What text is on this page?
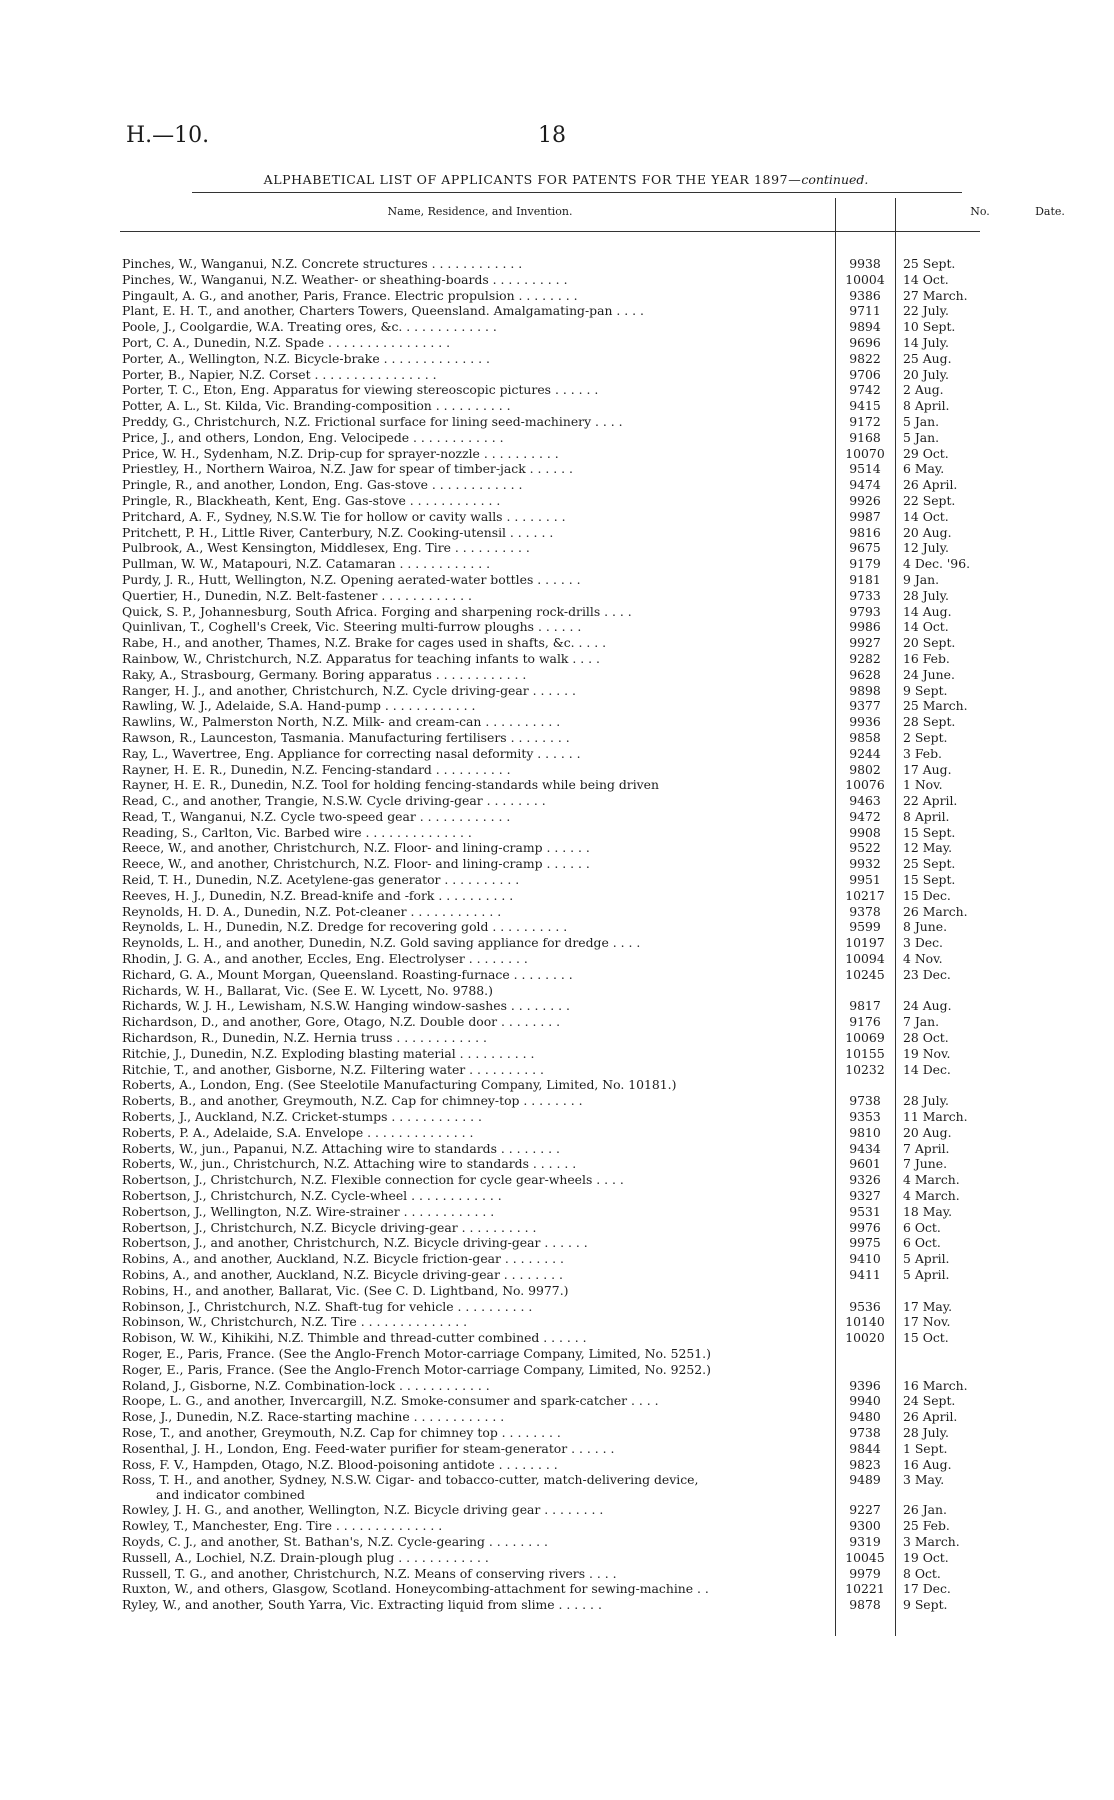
H.—10.	18
ALPHABETICAL LIST OF APPLICANTS FOR PATENTS FOR THE YEAR 1897—continued.
Name, Residence, and Invention.	No.	Date.
Pinches, W., Wanganui, N.Z. Concrete structures . . . . . . . . . . . .	9938	25 Sept.
Pinches, W., Wanganui, N.Z. Weather- or sheathing-boards . . . . . . . . . .	10004	14 Oct.
Pingault, A. G., and another, Paris, France. Electric propulsion . . . . . . . .	9386	27 March.
Plant, E. H. T., and another, Charters Towers, Queensland. Amalgamating-pan . . . .	9711	22 July.
Poole, J., Coolgardie, W.A. Treating ores, &c. . . . . . . . . . . . .	9894	10 Sept.
Port, C. A., Dunedin, N.Z. Spade . . . . . . . . . . . . . . . .	9696	14 July.
Porter, A., Wellington, N.Z. Bicycle-brake . . . . . . . . . . . . . .	9822	25 Aug.
Porter, B., Napier, N.Z. Corset . . . . . . . . . . . . . . . .	9706	20 July.
Porter, T. C., Eton, Eng. Apparatus for viewing stereoscopic pictures . . . . . .	9742	2 Aug.
Potter, A. L., St. Kilda, Vic. Branding-composition . . . . . . . . . .	9415	8 April.
Preddy, G., Christchurch, N.Z. Frictional surface for lining seed-machinery . . . .	9172	5 Jan.
Price, J., and others, London, Eng. Velocipede . . . . . . . . . . . .	9168	5 Jan.
Price, W. H., Sydenham, N.Z. Drip-cup for sprayer-nozzle . . . . . . . . . .	10070	29 Oct.
Priestley, H., Northern Wairoa, N.Z. Jaw for spear of timber-jack . . . . . .	9514	6 May.
Pringle, R., and another, London, Eng. Gas-stove . . . . . . . . . . . .	9474	26 April.
Pringle, R., Blackheath, Kent, Eng. Gas-stove . . . . . . . . . . . .	9926	22 Sept.
Pritchard, A. F., Sydney, N.S.W. Tie for hollow or cavity walls . . . . . . . .	9987	14 Oct.
Pritchett, P. H., Little River, Canterbury, N.Z. Cooking-utensil . . . . . .	9816	20 Aug.
Pulbrook, A., West Kensington, Middlesex, Eng. Tire . . . . . . . . . .	9675	12 July.
Pullman, W. W., Matapouri, N.Z. Catamaran . . . . . . . . . . . .	9179	4 Dec. '96.
Purdy, J. R., Hutt, Wellington, N.Z. Opening aerated-water bottles . . . . . .	9181	9 Jan.
Quertier, H., Dunedin, N.Z. Belt-fastener . . . . . . . . . . . .	9733	28 July.
Quick, S. P., Johannesburg, South Africa. Forging and sharpening rock-drills . . . .	9793	14 Aug.
Quinlivan, T., Coghell's Creek, Vic. Steering multi-furrow ploughs . . . . . .	9986	14 Oct.
Rabe, H., and another, Thames, N.Z. Brake for cages used in shafts, &c. . . . .	9927	20 Sept.
Rainbow, W., Christchurch, N.Z. Apparatus for teaching infants to walk . . . .	9282	16 Feb.
Raky, A., Strasbourg, Germany. Boring apparatus . . . . . . . . . . . .	9628	24 June.
Ranger, H. J., and another, Christchurch, N.Z. Cycle driving-gear . . . . . .	9898	9 Sept.
Rawling, W. J., Adelaide, S.A. Hand-pump . . . . . . . . . . . .	9377	25 March.
Rawlins, W., Palmerston North, N.Z. Milk- and cream-can . . . . . . . . . .	9936	28 Sept.
Rawson, R., Launceston, Tasmania. Manufacturing fertilisers . . . . . . . .	9858	2 Sept.
Ray, L., Wavertree, Eng. Appliance for correcting nasal deformity . . . . . .	9244	3 Feb.
Rayner, H. E. R., Dunedin, N.Z. Fencing-standard . . . . . . . . . .	9802	17 Aug.
Rayner, H. E. R., Dunedin, N.Z. Tool for holding fencing-standards while being driven	10076	1 Nov.
Read, C., and another, Trangie, N.S.W. Cycle driving-gear . . . . . . . .	9463	22 April.
Read, T., Wanganui, N.Z. Cycle two-speed gear . . . . . . . . . . . .	9472	8 April.
Reading, S., Carlton, Vic. Barbed wire . . . . . . . . . . . . . .	9908	15 Sept.
Reece, W., and another, Christchurch, N.Z. Floor- and lining-cramp . . . . . .	9522	12 May.
Reece, W., and another, Christchurch, N.Z. Floor- and lining-cramp . . . . . .	9932	25 Sept.
Reid, T. H., Dunedin, N.Z. Acetylene-gas generator . . . . . . . . . .	9951	15 Sept.
Reeves, H. J., Dunedin, N.Z. Bread-knife and -fork . . . . . . . . . .	10217	15 Dec.
Reynolds, H. D. A., Dunedin, N.Z. Pot-cleaner . . . . . . . . . . . .	9378	26 March.
Reynolds, L. H., Dunedin, N.Z. Dredge for recovering gold . . . . . . . . . .	9599	8 June.
Reynolds, L. H., and another, Dunedin, N.Z. Gold saving appliance for dredge . . . .	10197	3 Dec.
Rhodin, J. G. A., and another, Eccles, Eng. Electrolyser . . . . . . . .	10094	4 Nov.
Richard, G. A., Mount Morgan, Queensland. Roasting-furnace . . . . . . . .	10245	23 Dec.
Richards, W. H., Ballarat, Vic. (See E. W. Lycett, No. 9788.)
Richards, W. J. H., Lewisham, N.S.W. Hanging window-sashes . . . . . . . .	9817	24 Aug.
Richardson, D., and another, Gore, Otago, N.Z. Double door . . . . . . . .	9176	7 Jan.
Richardson, R., Dunedin, N.Z. Hernia truss . . . . . . . . . . . .	10069	28 Oct.
Ritchie, J., Dunedin, N.Z. Exploding blasting material . . . . . . . . . .	10155	19 Nov.
Ritchie, T., and another, Gisborne, N.Z. Filtering water . . . . . . . . . .	10232	14 Dec.
Roberts, A., London, Eng. (See Steelotile Manufacturing Company, Limited, No. 10181.)
Roberts, B., and another, Greymouth, N.Z. Cap for chimney-top . . . . . . . .	9738	28 July.
Roberts, J., Auckland, N.Z. Cricket-stumps . . . . . . . . . . . .	9353	11 March.
Roberts, P. A., Adelaide, S.A. Envelope . . . . . . . . . . . . . .	9810	20 Aug.
Roberts, W., jun., Papanui, N.Z. Attaching wire to standards . . . . . . . .	9434	7 April.
Roberts, W., jun., Christchurch, N.Z. Attaching wire to standards . . . . . .	9601	7 June.
Robertson, J., Christchurch, N.Z. Flexible connection for cycle gear-wheels . . . .	9326	4 March.
Robertson, J., Christchurch, N.Z. Cycle-wheel . . . . . . . . . . . .	9327	4 March.
Robertson, J., Wellington, N.Z. Wire-strainer . . . . . . . . . . . .	9531	18 May.
Robertson, J., Christchurch, N.Z. Bicycle driving-gear . . . . . . . . . .	9976	6 Oct.
Robertson, J., and another, Christchurch, N.Z. Bicycle driving-gear . . . . . .	9975	6 Oct.
Robins, A., and another, Auckland, N.Z. Bicycle friction-gear . . . . . . . .	9410	5 April.
Robins, A., and another, Auckland, N.Z. Bicycle driving-gear . . . . . . . .	9411	5 April.
Robins, H., and another, Ballarat, Vic. (See C. D. Lightband, No. 9977.)
Robinson, J., Christchurch, N.Z. Shaft-tug for vehicle . . . . . . . . . .	9536	17 May.
Robinson, W., Christchurch, N.Z. Tire . . . . . . . . . . . . . .	10140	17 Nov.
Robison, W. W., Kihikihi, N.Z. Thimble and thread-cutter combined . . . . . .	10020	15 Oct.
Roger, E., Paris, France. (See the Anglo-French Motor-carriage Company, Limited, No. 5251.)
Roger, E., Paris, France. (See the Anglo-French Motor-carriage Company, Limited, No. 9252.)
Roland, J., Gisborne, N.Z. Combination-lock . . . . . . . . . . . .	9396	16 March.
Roope, L. G., and another, Invercargill, N.Z. Smoke-consumer and spark-catcher . . . .	9940	24 Sept.
Rose, J., Dunedin, N.Z. Race-starting machine . . . . . . . . . . . .	9480	26 April.
Rose, T., and another, Greymouth, N.Z. Cap for chimney top . . . . . . . .	9738	28 July.
Rosenthal, J. H., London, Eng. Feed-water purifier for steam-generator . . . . . .	9844	1 Sept.
Ross, F. V., Hampden, Otago, N.Z. Blood-poisoning antidote . . . . . . . .	9823	16 Aug.
Ross, T. H., and another, Sydney, N.S.W. Cigar- and tobacco-cutter, match-delivering device,
and indicator combined
9489	3 May.
Rowley, J. H. G., and another, Wellington, N.Z. Bicycle driving gear . . . . . . . .	9227	26 Jan.
Rowley, T., Manchester, Eng. Tire . . . . . . . . . . . . . .	9300	25 Feb.
Royds, C. J., and another, St. Bathan's, N.Z. Cycle-gearing . . . . . . . .	9319	3 March.
Russell, A., Lochiel, N.Z. Drain-plough plug . . . . . . . . . . . .	10045	19 Oct.
Russell, T. G., and another, Christchurch, N.Z. Means of conserving rivers . . . .	9979	8 Oct.
Ruxton, W., and others, Glasgow, Scotland. Honeycombing-attachment for sewing-machine . .	10221	17 Dec.
Ryley, W., and another, South Yarra, Vic. Extracting liquid from slime . . . . . .	9878	9 Sept.
